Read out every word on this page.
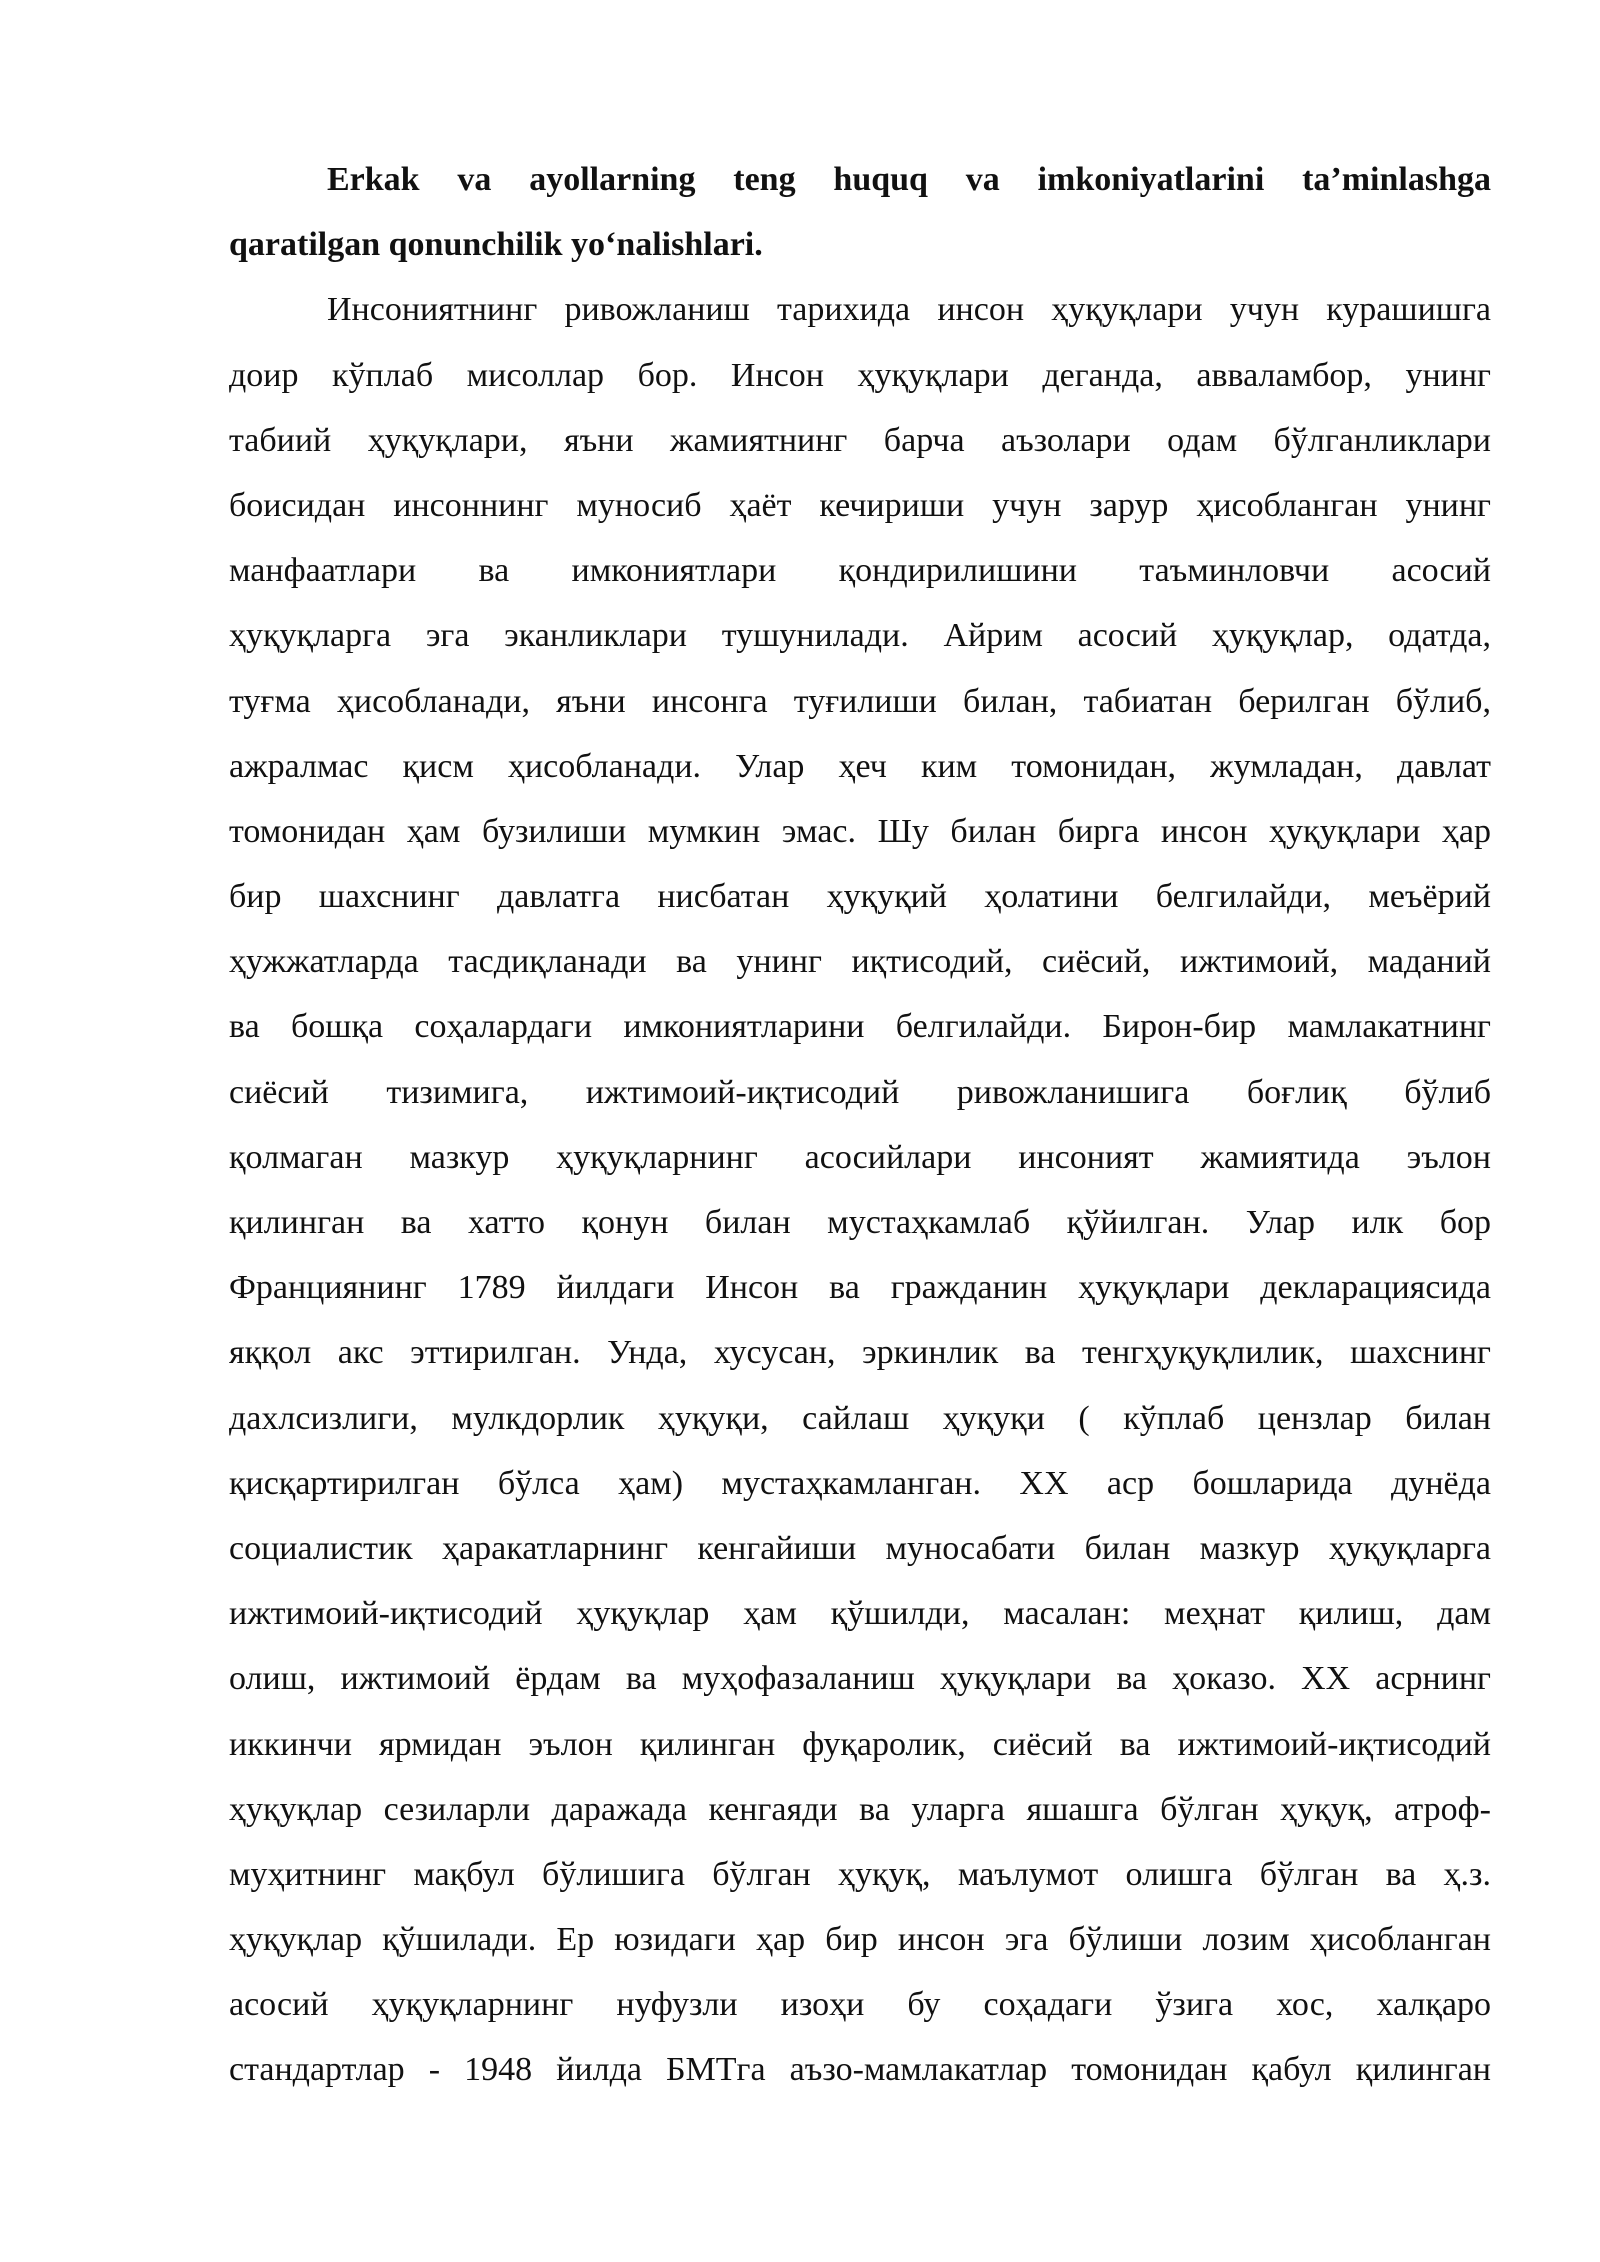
Erkak va ayollarning teng huquq va imkoniyatlarini ta’minlashga
qaratilgan qonunchilik yo‘nalishlari.
Инсониятнинг ривожланиш тарихида инсон ҳуқуқлари учун курашишга
доир кўплаб мисоллар бор. Инсон ҳуқуқлари деганда, авваламбор, унинг
табиий ҳуқуқлари, яъни жамиятнинг барча аъзолари одам бўлганликлари
боисидан инсоннинг муносиб ҳаёт кечириши учун зарур ҳисобланган унинг
манфаатлари ва имкониятлари қондирилишини таъминловчи асосий
ҳуқуқларга эга эканликлари тушунилади. Айрим асосий ҳуқуқлар, одатда,
туғма ҳисобланади, яъни инсонга туғилиши билан, табиатан берилган бўлиб,
ажралмас қисм ҳисобланади. Улар ҳеч ким томонидан, жумладан, давлат
томонидан ҳам бузилиши мумкин эмас. Шу билан бирга инсон ҳуқуқлари ҳар
бир шахснинг давлатга нисбатан ҳуқуқий ҳолатини белгилайди, меъёрий
ҳужжатларда тасдиқланади ва унинг иқтисодий, сиёсий, ижтимоий, маданий
ва бошқа соҳалардаги имкониятларини белгилайди. Бирон-бир мамлакатнинг
сиёсий тизимига, ижтимоий-иқтисодий ривожланишига боғлиқ бўлиб
қолмаган мазкур ҳуқуқларнинг асосийлари инсоният жамиятида эълон
қилинган ва хатто қонун билан мустаҳкамлаб қўйилган. Улар илк бор
Франциянинг 1789 йилдаги Инсон ва гражданин ҳуқуқлари декларациясида
яққол акс эттирилган. Унда, хусусан, эркинлик ва тенгҳуқуқлилик, шахснинг
дахлсизлиги, мулкдорлик ҳуқуқи, сайлаш ҳуқуқи ( кўплаб цензлар билан
қисқартирилган бўлса ҳам) мустаҳкамланган. XX аср бошларида дунёда
социалистик ҳаракатларнинг кенгайиши муносабати билан мазкур ҳуқуқларга
ижтимоий-иқтисодий ҳуқуқлар ҳам қўшилди, масалан: меҳнат қилиш, дам
олиш, ижтимоий ёрдам ва муҳофазаланиш ҳуқуқлари ва ҳоказо. XX асрнинг
иккинчи ярмидан эълон қилинган фуқаролик, сиёсий ва ижтимоий-иқтисодий
ҳуқуқлар сезиларли даражада кенгаяди ва уларга яшашга бўлган ҳуқуқ, атроф-
муҳитнинг мақбул бўлишига бўлган ҳуқуқ, маълумот олишга бўлган ва ҳ.з.
ҳуқуқлар қўшилади. Ер юзидаги ҳар бир инсон эга бўлиши лозим ҳисобланган
асосий ҳуқуқларнинг нуфузли изоҳи бу соҳадаги ўзига хос, халқаро
стандартлар - 1948 йилда БМТга аъзо-мамлакатлар томонидан қабул қилинган
